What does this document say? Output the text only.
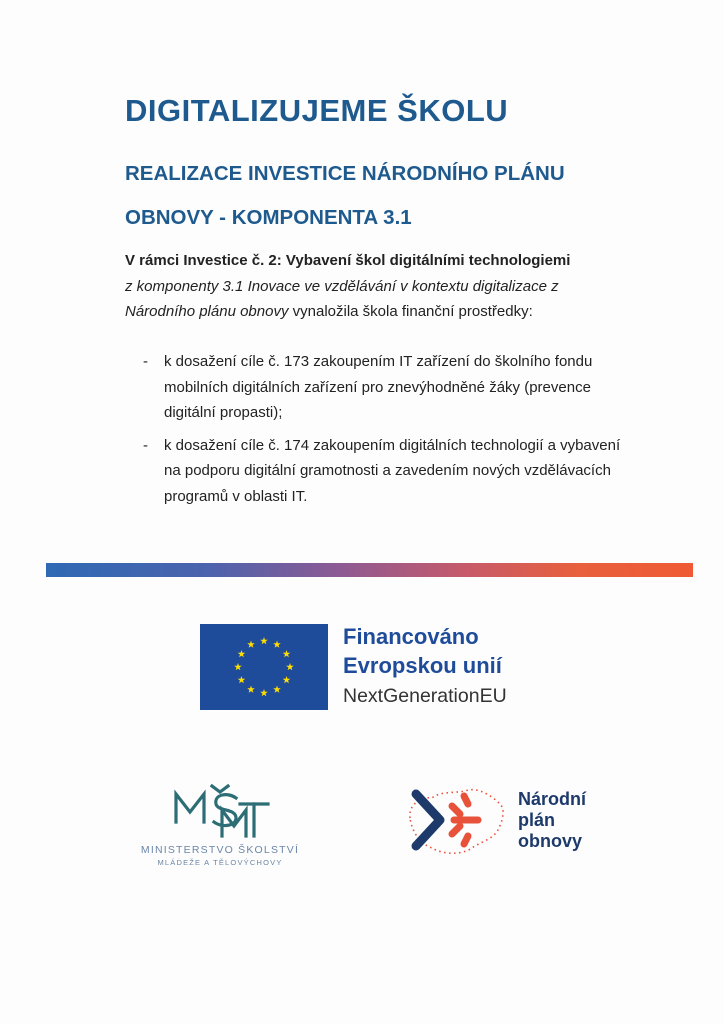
DIGITALIZUJEME ŠKOLU
REALIZACE INVESTICE NÁRODNÍHO PLÁNU OBNOVY - KOMPONENTA 3.1

V rámci Investice č. 2: Vybavení škol digitálními technologiemi
z komponenty 3.1 Inovace ve vzdělávání v kontextu digitalizace z Národního plánu obnovy vynaložila škola finanční prostředky:

- k dosažení cíle č. 173 zakoupením IT zařízení do školního fondu mobilních digitálních zařízení pro znevýhodněné žáky (prevence digitální propasti);
- k dosažení cíle č. 174 zakoupením digitálních technologií a vybavení na podporu digitální gramotnosti a zavedením nových vzdělávacích programů v oblasti IT.
Financováno
Evropskou unií
NextGenerationEU
MINISTERSTVO ŠKOLSTVÍ
MLÁDEŽE A TĚLOVÝCHOVY
Národní
plán
obnovy
